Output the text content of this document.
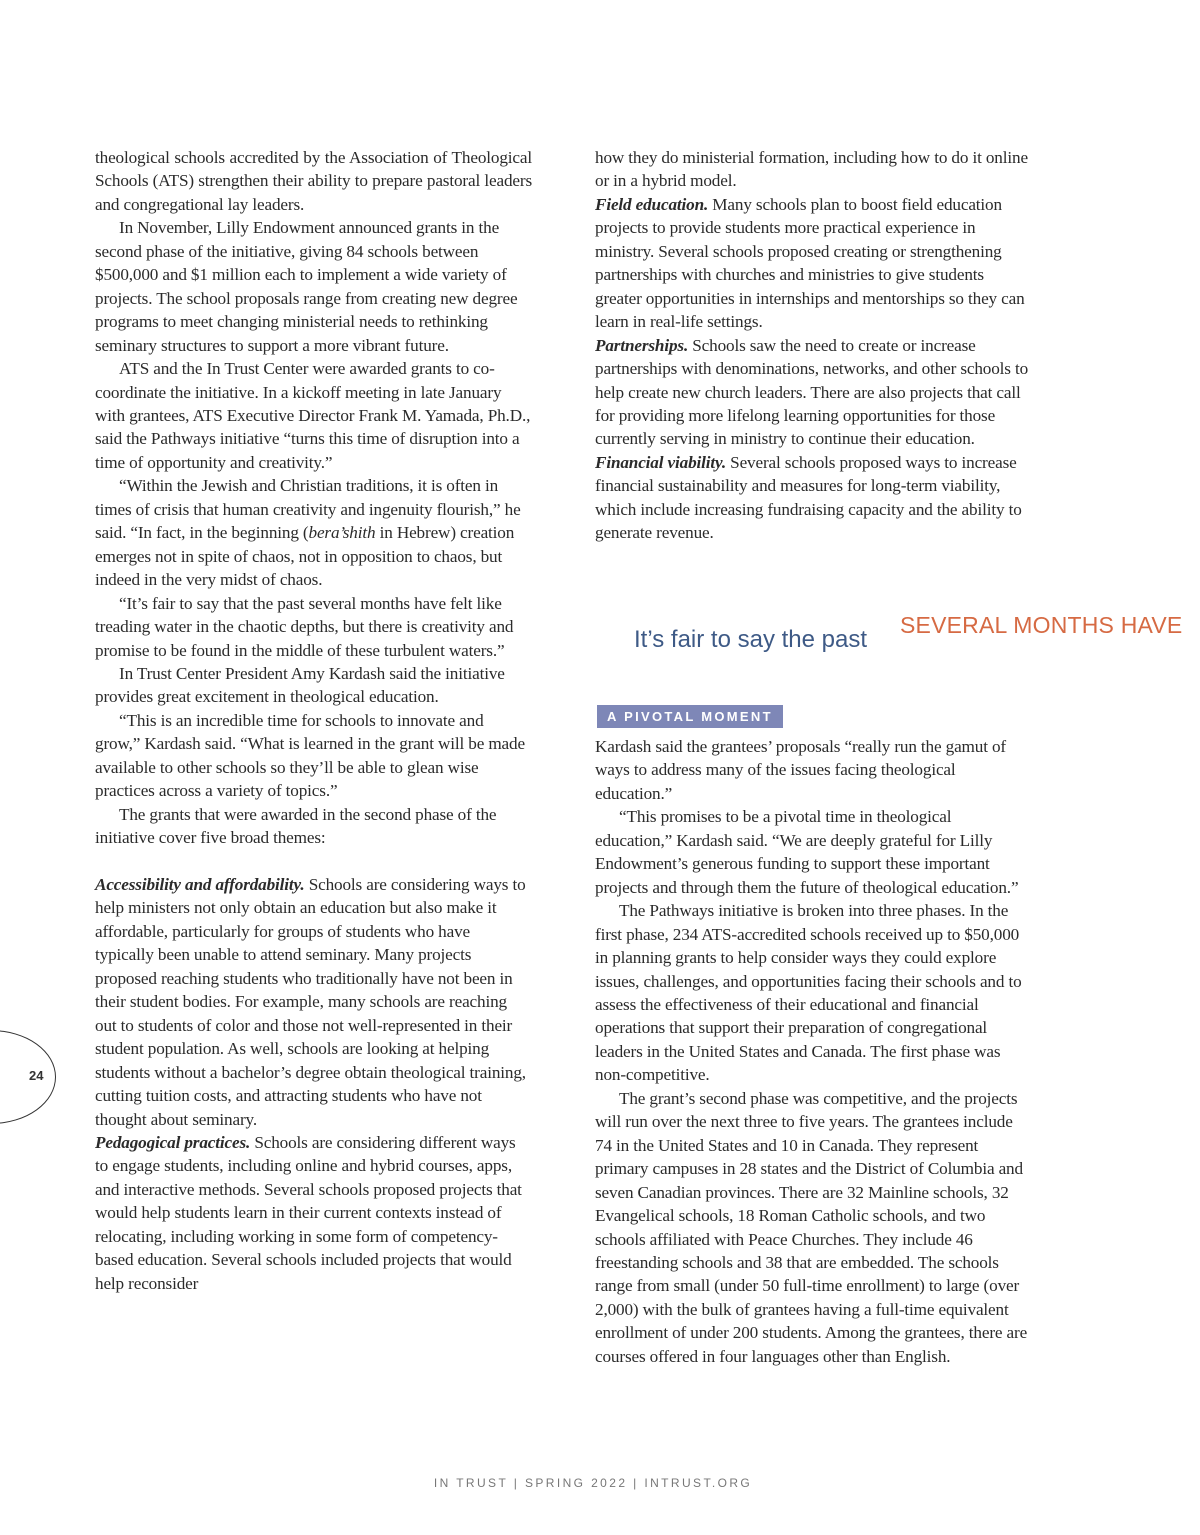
theological schools accredited by the Association of Theological Schools (ATS) strengthen their ability to prepare pastoral leaders and congregational lay leaders.

In November, Lilly Endowment announced grants in the second phase of the initiative, giving 84 schools between $500,000 and $1 million each to implement a wide variety of projects. The school proposals range from creating new degree programs to meet changing ministerial needs to rethinking seminary structures to support a more vibrant future.

ATS and the In Trust Center were awarded grants to co-coordinate the initiative. In a kickoff meeting in late January with grantees, ATS Executive Director Frank M. Yamada, Ph.D., said the Pathways initiative “turns this time of disruption into a time of opportunity and creativity.”

“Within the Jewish and Christian traditions, it is often in times of crisis that human creativity and ingenuity flourish,” he said. “In fact, in the beginning (bera’shith in Hebrew) creation emerges not in spite of chaos, not in opposition to chaos, but indeed in the very midst of chaos.

“It’s fair to say that the past several months have felt like treading water in the chaotic depths, but there is creativity and promise to be found in the middle of these turbulent waters.”

In Trust Center President Amy Kardash said the initiative provides great excitement in theological education.

“This is an incredible time for schools to innovate and grow,” Kardash said. “What is learned in the grant will be made available to other schools so they’ll be able to glean wise practices across a variety of topics.”

The grants that were awarded in the second phase of the initiative cover five broad themes:

Accessibility and affordability. Schools are considering ways to help ministers not only obtain an education but also make it affordable, particularly for groups of students who have typically been unable to attend seminary. Many projects proposed reaching students who traditionally have not been in their student bodies. For example, many schools are reaching out to students of color and those not well-represented in their student population. As well, schools are looking at helping students without a bachelor’s degree obtain theological training, cutting tuition costs, and attracting students who have not thought about seminary.

Pedagogical practices. Schools are considering different ways to engage students, including online and hybrid courses, apps, and interactive methods. Several schools proposed projects that would help students learn in their current contexts instead of relocating, including working in some form of competency-based education. Several schools included projects that would help reconsider

how they do ministerial formation, including how to do it online or in a hybrid model.

Field education. Many schools plan to boost field education projects to provide students more practical experience in ministry. Several schools proposed creating or strengthening partnerships with churches and ministries to give students greater opportunities in internships and mentorships so they can learn in real-life settings.

Partnerships. Schools saw the need to create or increase partnerships with denominations, networks, and other schools to help create new church leaders. There are also projects that call for providing more lifelong learning opportunities for those currently serving in ministry to continue their education.

Financial viability. Several schools proposed ways to increase financial sustainability and measures for long-term viability, which include increasing fundraising capacity and the ability to generate revenue.

It’s fair to say the past
SEVERAL MONTHS HAVE
A PIVOTAL MOMENT

Kardash said the grantees’ proposals “really run the gamut of ways to address many of the issues facing theological education.”

“This promises to be a pivotal time in theological education,” Kardash said. “We are deeply grateful for Lilly Endowment’s generous funding to support these important projects and through them the future of theological education.”

The Pathways initiative is broken into three phases. In the first phase, 234 ATS-accredited schools received up to $50,000 in planning grants to help consider ways they could explore issues, challenges, and opportunities facing their schools and to assess the effectiveness of their educational and financial operations that support their preparation of congregational leaders in the United States and Canada. The first phase was non-competitive.

The grant’s second phase was competitive, and the projects will run over the next three to five years. The grantees include 74 in the United States and 10 in Canada. They represent primary campuses in 28 states and the District of Columbia and seven Canadian provinces. There are 32 Mainline schools, 32 Evangelical schools, 18 Roman Catholic schools, and two schools affiliated with Peace Churches. They include 46 freestanding schools and 38 that are embedded. The schools range from small (under 50 full-time enrollment) to large (over 2,000) with the bulk of grantees having a full-time equivalent enrollment of under 200 students. Among the grantees, there are courses offered in four languages other than English.

24
IN TRUST | SPRING 2022 | INTRUST.ORG
